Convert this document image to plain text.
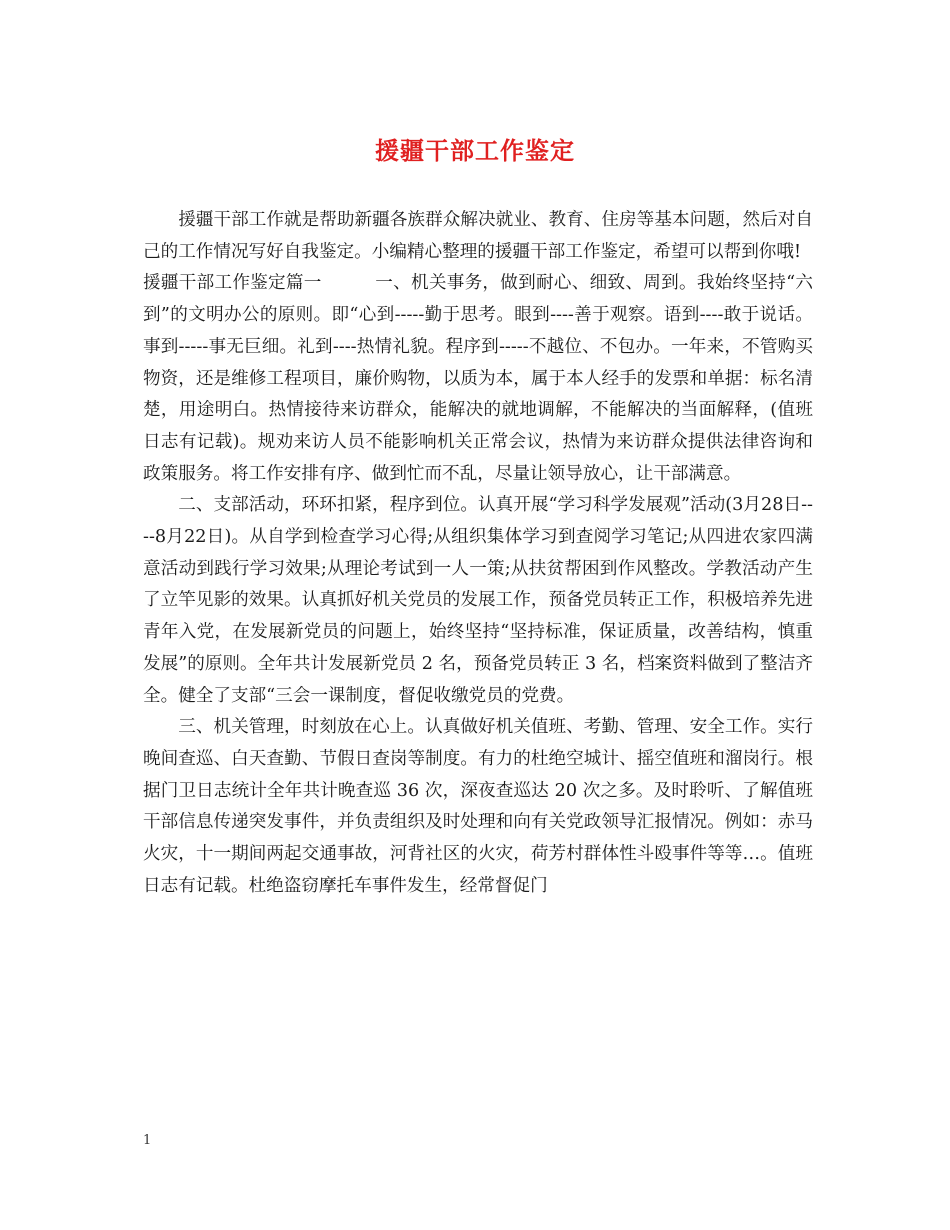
援疆干部工作鉴定

援疆干部工作就是帮助新疆各族群众解决就业、教育、住房等基本问题，然后对自己的工作情况写好自我鉴定。小编精心整理的援疆干部工作鉴定，希望可以帮到你哦!

援疆干部工作鉴定篇一　　　一、机关事务，做到耐心、细致、周到。我始终坚持“六到”的文明办公的原则。即“心到-----勤于思考。眼到----善于观察。语到----敢于说话。事到-----事无巨细。礼到----热情礼貌。程序到-----不越位、不包办。一年来，不管购买物资，还是维修工程项目，廉价购物，以质为本，属于本人经手的发票和单据：标名清楚，用途明白。热情接待来访群众，能解决的就地调解，不能解决的当面解释，(值班日志有记载)。规劝来访人员不能影响机关正常会议，热情为来访群众提供法律咨询和政策服务。将工作安排有序、做到忙而不乱，尽量让领导放心，让干部满意。

二、支部活动，环环扣紧，程序到位。认真开展“学习科学发展观”活动(3月28日----8月22日)。从自学到检查学习心得;从组织集体学习到查阅学习笔记;从四进农家四满意活动到践行学习效果;从理论考试到一人一策;从扶贫帮困到作风整改。学教活动产生了立竿见影的效果。认真抓好机关党员的发展工作，预备党员转正工作，积极培养先进青年入党，在发展新党员的问题上，始终坚持“坚持标准，保证质量，改善结构，慎重发展”的原则。全年共计发展新党员 2 名，预备党员转正 3 名，档案资料做到了整洁齐全。健全了支部“三会一课制度，督促收缴党员的党费。

三、机关管理，时刻放在心上。认真做好机关值班、考勤、管理、安全工作。实行晚间查巡、白天查勤、节假日查岗等制度。有力的杜绝空城计、摇空值班和溜岗行。根据门卫日志统计全年共计晚查巡 36 次，深夜查巡达 20 次之多。及时聆听、了解值班干部信息传递突发事件，并负责组织及时处理和向有关党政领导汇报情况。例如：赤马火灾，十一期间两起交通事故，河背社区的火灾，荷芳村群体性斗殴事件等等…。值班日志有记载。杜绝盗窃摩托车事件发生，经常督促门

1
